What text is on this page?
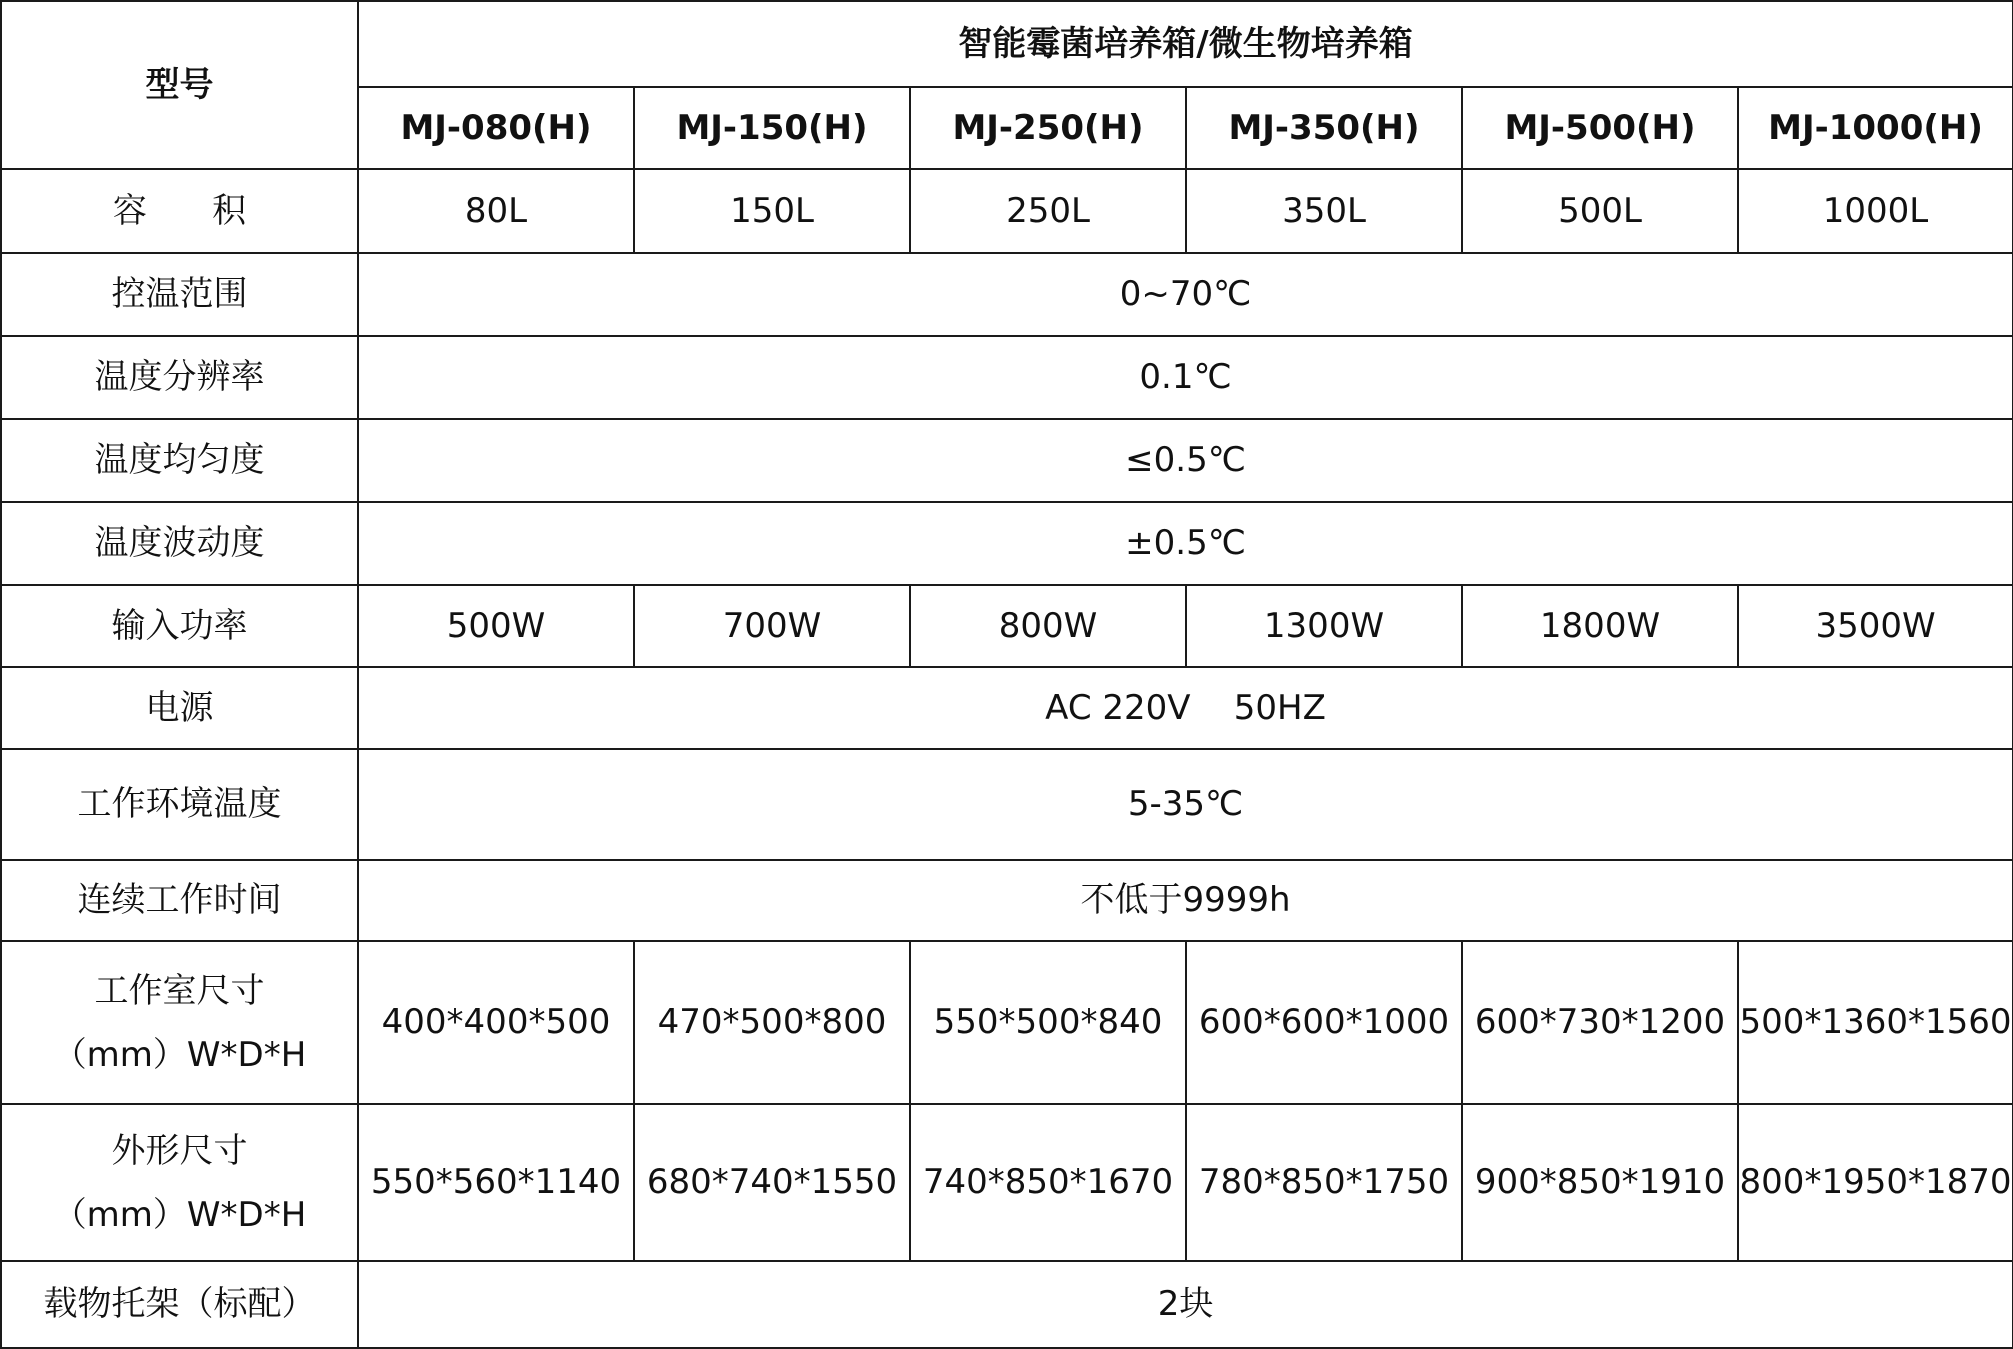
型号	智能霉菌培养箱/微生物培养箱					
	MJ-080(H)	MJ-150(H)	MJ-250(H)	MJ-350(H)	MJ-500(H)	MJ-1000(H)
容 积	80L	150L	250L	350L	500L	1000L
控温范围	0~70℃					
温度分辨率	0.1℃					
温度均匀度	≤0.5℃					
温度波动度	±0.5℃					
输入功率	500W	700W	800W	1300W	1800W	3500W
电源	AC 220V    50HZ					
工作环境温度	5-35℃					
连续工作时间	不低于9999h					

工作室尺寸
（mm）W*D*H	400*400*500	470*500*800	550*500*840	600*600*1000	600*730*1200	500*1360*1560

外形尺寸
（mm）W*D*H	550*560*1140	680*740*1550	740*850*1670	780*850*1750	900*850*1910	800*1950*1870
载物托架（标配）	2块					
